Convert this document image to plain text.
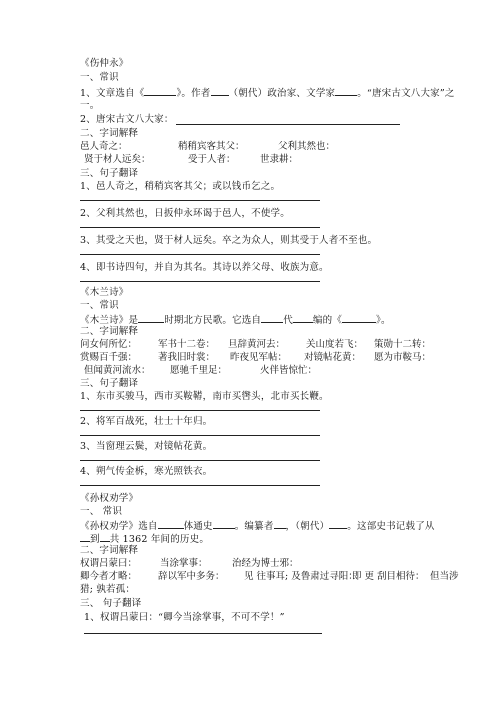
《伤仲永》
一、常识
1、文章选自《	》。作者 （朝代）政治家、文学家 。“唐宋古文八大家”之
一。
2、唐宋古文八大家：
二、字词解释
邑人奇之：	稍稍宾客其父：	父利其然也：
贤于材人远矣：	受于人者：	世隶耕：
三、句子翻译
1、邑人奇之，稍稍宾客其父；或以钱币乞之。
2、父利其然也，日扳仲永环谒于邑人，不使学。
3、其受之天也，贤于材人远矣。卒之为众人，则其受于人者不至也。
4、即书诗四句，并自为其名。其诗以养父母、收族为意。
《木兰诗》
一、常识
《木兰诗》是	时期北方民歌。它选自 代 编的《	》。
二、字词解释
问女何所忆： 军书十二卷： 旦辞黄河去： 关山度若飞： 策勋十二转：
赏赐百千强： 著我旧时裳： 昨夜见军帖： 对镜帖花黄： 愿为市鞍马：
但闻黄河流水： 愿驰千里足：	火伴皆惊忙：
三、句子翻译
1、东市买骏马，西市买鞍鞯，南市买辔头，北市买长鞭。
2、将军百战死，壮士十年归。
3、当窗理云鬓，对镜帖花黄。
4、朔气传金柝，寒光照铁衣。
《孙权劝学》
一、 常识
《孙权劝学》选自	体通史 。编纂者 ，（朝代） 。这部史书记载了从
到 共 1362 年间的历史。
二、字词解释
权谓吕蒙曰： 当涂掌事：	治经为博士邪：
卿今者才略： 辞以军中多务： 见 往事耳; 及鲁肃过寻阳：
即 更 刮目相待： 但当涉
猎; 孰若孤：
三、 句子翻译
1、权谓吕蒙曰：“卿今当涂掌事，不可不学！”
